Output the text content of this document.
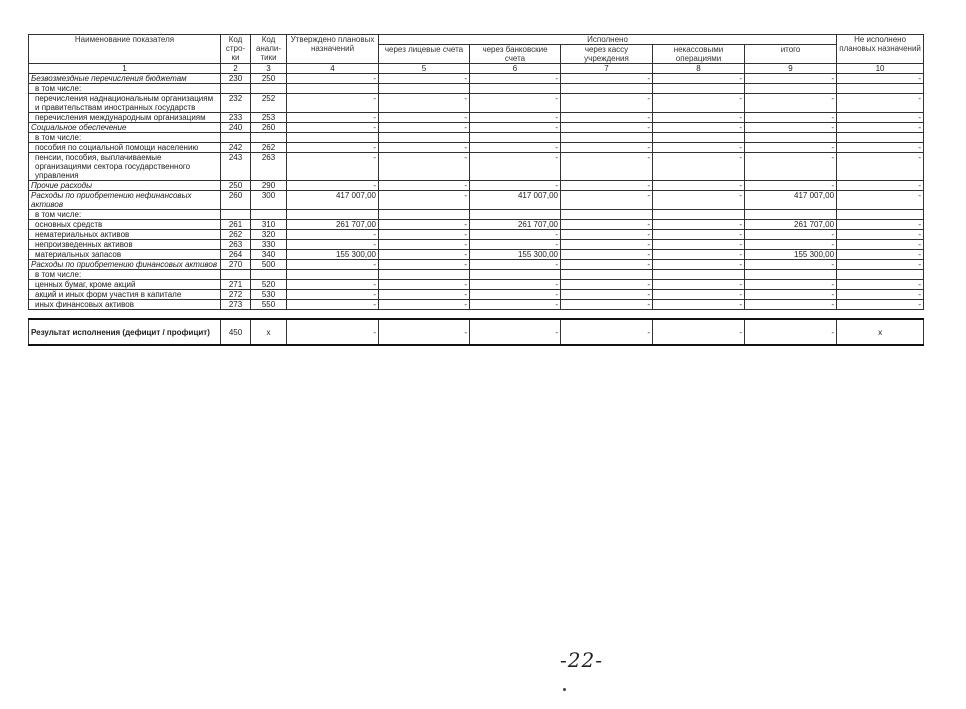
Наименование показателя	Код стро- ки	Код анали- тики	Утверждено плановых назначений	Исполнено					Не исполнено плановых назначений
				через лицевые счета	через банковские счета	через кассу учреждения	некассовыми операциями	итого	
1	2	3	4	5	6	7	8	9	10
Безвозмездные перечисления бюджетам	230	250	-	-	-	-	-	-	-
в том числе:									
перечисления наднациональным организациям и правительствам иностранных государств	232	252	-	-	-	-	-	-	-
перечисления международным организациям	233	253	-	-	-	-	-	-	-
Социальное обеспечение	240	260	-	-	-	-	-	-	-
в том числе:									
пособия по социальной помощи населению	242	262	-	-	-	-	-	-	-
пенсии, пособия, выплачиваемые организациями сектора государственного управления	243	263	-	-	-	-	-	-	-
Прочие расходы	250	290	-	-	-	-	-	-	-
Расходы по приобретению нефинансовых активов	260	300	417 007,00	-	417 007,00	-	-	417 007,00	-
в том числе:									
основных средств	261	310	261 707,00	-	261 707,00	-	-	261 707,00	-
нематериальных активов	262	320	-	-	-	-	-	-	-
непроизведенных активов	263	330	-	-	-	-	-	-	-
материальных запасов	264	340	155 300,00	-	155 300,00	-	-	155 300,00	-
Расходы по приобретению финансовых активов	270	500	-	-	-	-	-	-	-
в том числе:									
ценных бумаг, кроме акций	271	520	-	-	-	-	-	-	-
акций и иных форм участия в капитале	272	530	-	-	-	-	-	-	-
иных финансовых активов	273	550	-	-	-	-	-	-	-

Результат исполнения (дефицит / профицит)	450	x	-	-	-	-	-	-	x
-22-
